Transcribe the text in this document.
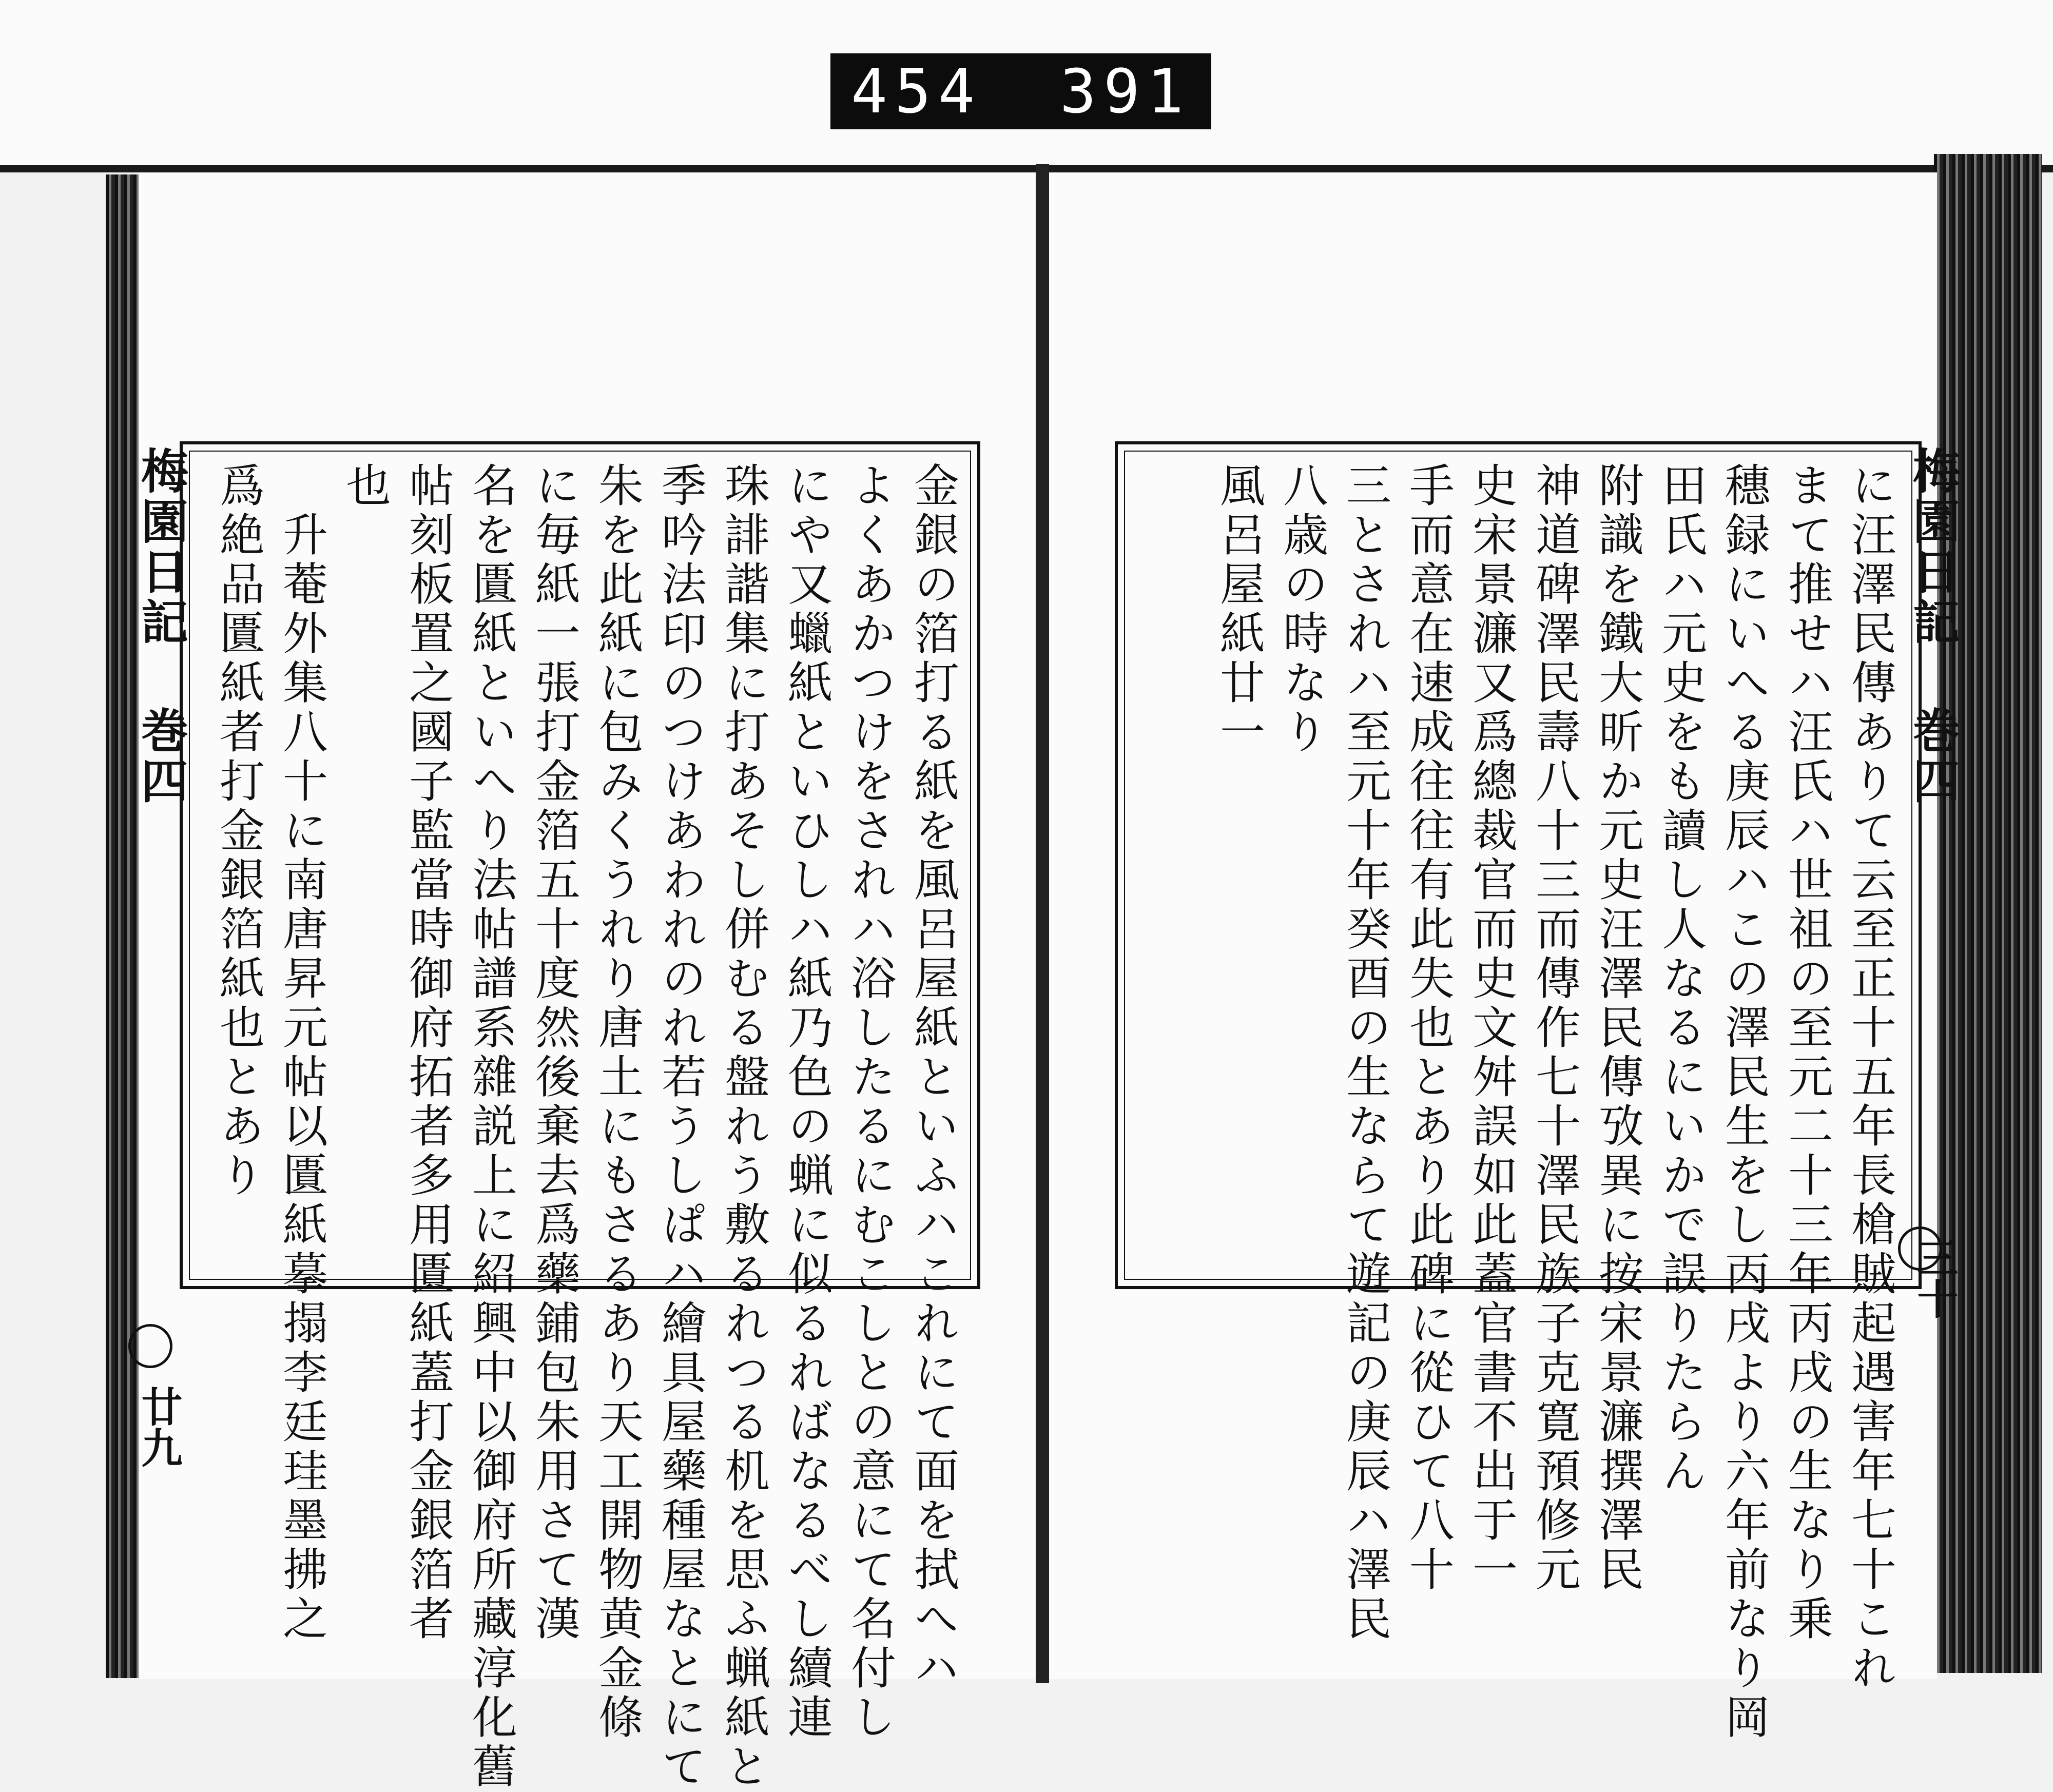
454 391
梅園日記 巻四
廿九
梅園日記 巻四
三十
金銀の箔打る紙を風呂屋紙といふハこれにて面を拭へハ
よくあかつけをされハ浴したるにむこしとの意にて名付し
にや又蠟紙といひしハ紙乃色の蝋に似るればなるべし續連
珠誹諧集に打あそし併むる盤れう敷るれつる机を思ふ蝋紙と
季吟法印のつけあわれのれ若うしぱハ繪具屋藥種屋なとにて
朱を此紙に包みくうれり唐土にもさるあり天工開物黄金條
に毎紙一張打金箔五十度然後棄去爲藥鋪包朱用さて漢
名を匱紙といへり法帖譜系雜説上に紹興中以御府所藏淳化舊
帖刻板置之國子監當時御府拓者多用匱紙蓋打金銀箔者
也
　升菴外集八十に南唐昇元帖以匱紙摹搨李廷珪墨拂之
爲絶品匱紙者打金銀箔紙也とあり	に汪澤民傳ありて云至正十五年長槍賊起遇害年七十これ
まて推せハ汪氏ハ世祖の至元二十三年丙戌の生なり乗
穗録にいへる庚辰ハこの澤民生をし丙戌より六年前なり岡
田氏ハ元史をも讀し人なるにいかで誤りたらん
附識を鐵大昕か元史汪澤民傳攷異に按宋景濂撰澤民
神道碑澤民壽八十三而傳作七十澤民族子克寛預修元
史宋景濂又爲總裁官而史文舛誤如此蓋官書不出于一
手而意在速成往往有此失也とあり此碑に從ひて八十
三とされハ至元十年癸酉の生ならて遊記の庚辰ハ澤民
八歳の時なり
風呂屋紙廿一
